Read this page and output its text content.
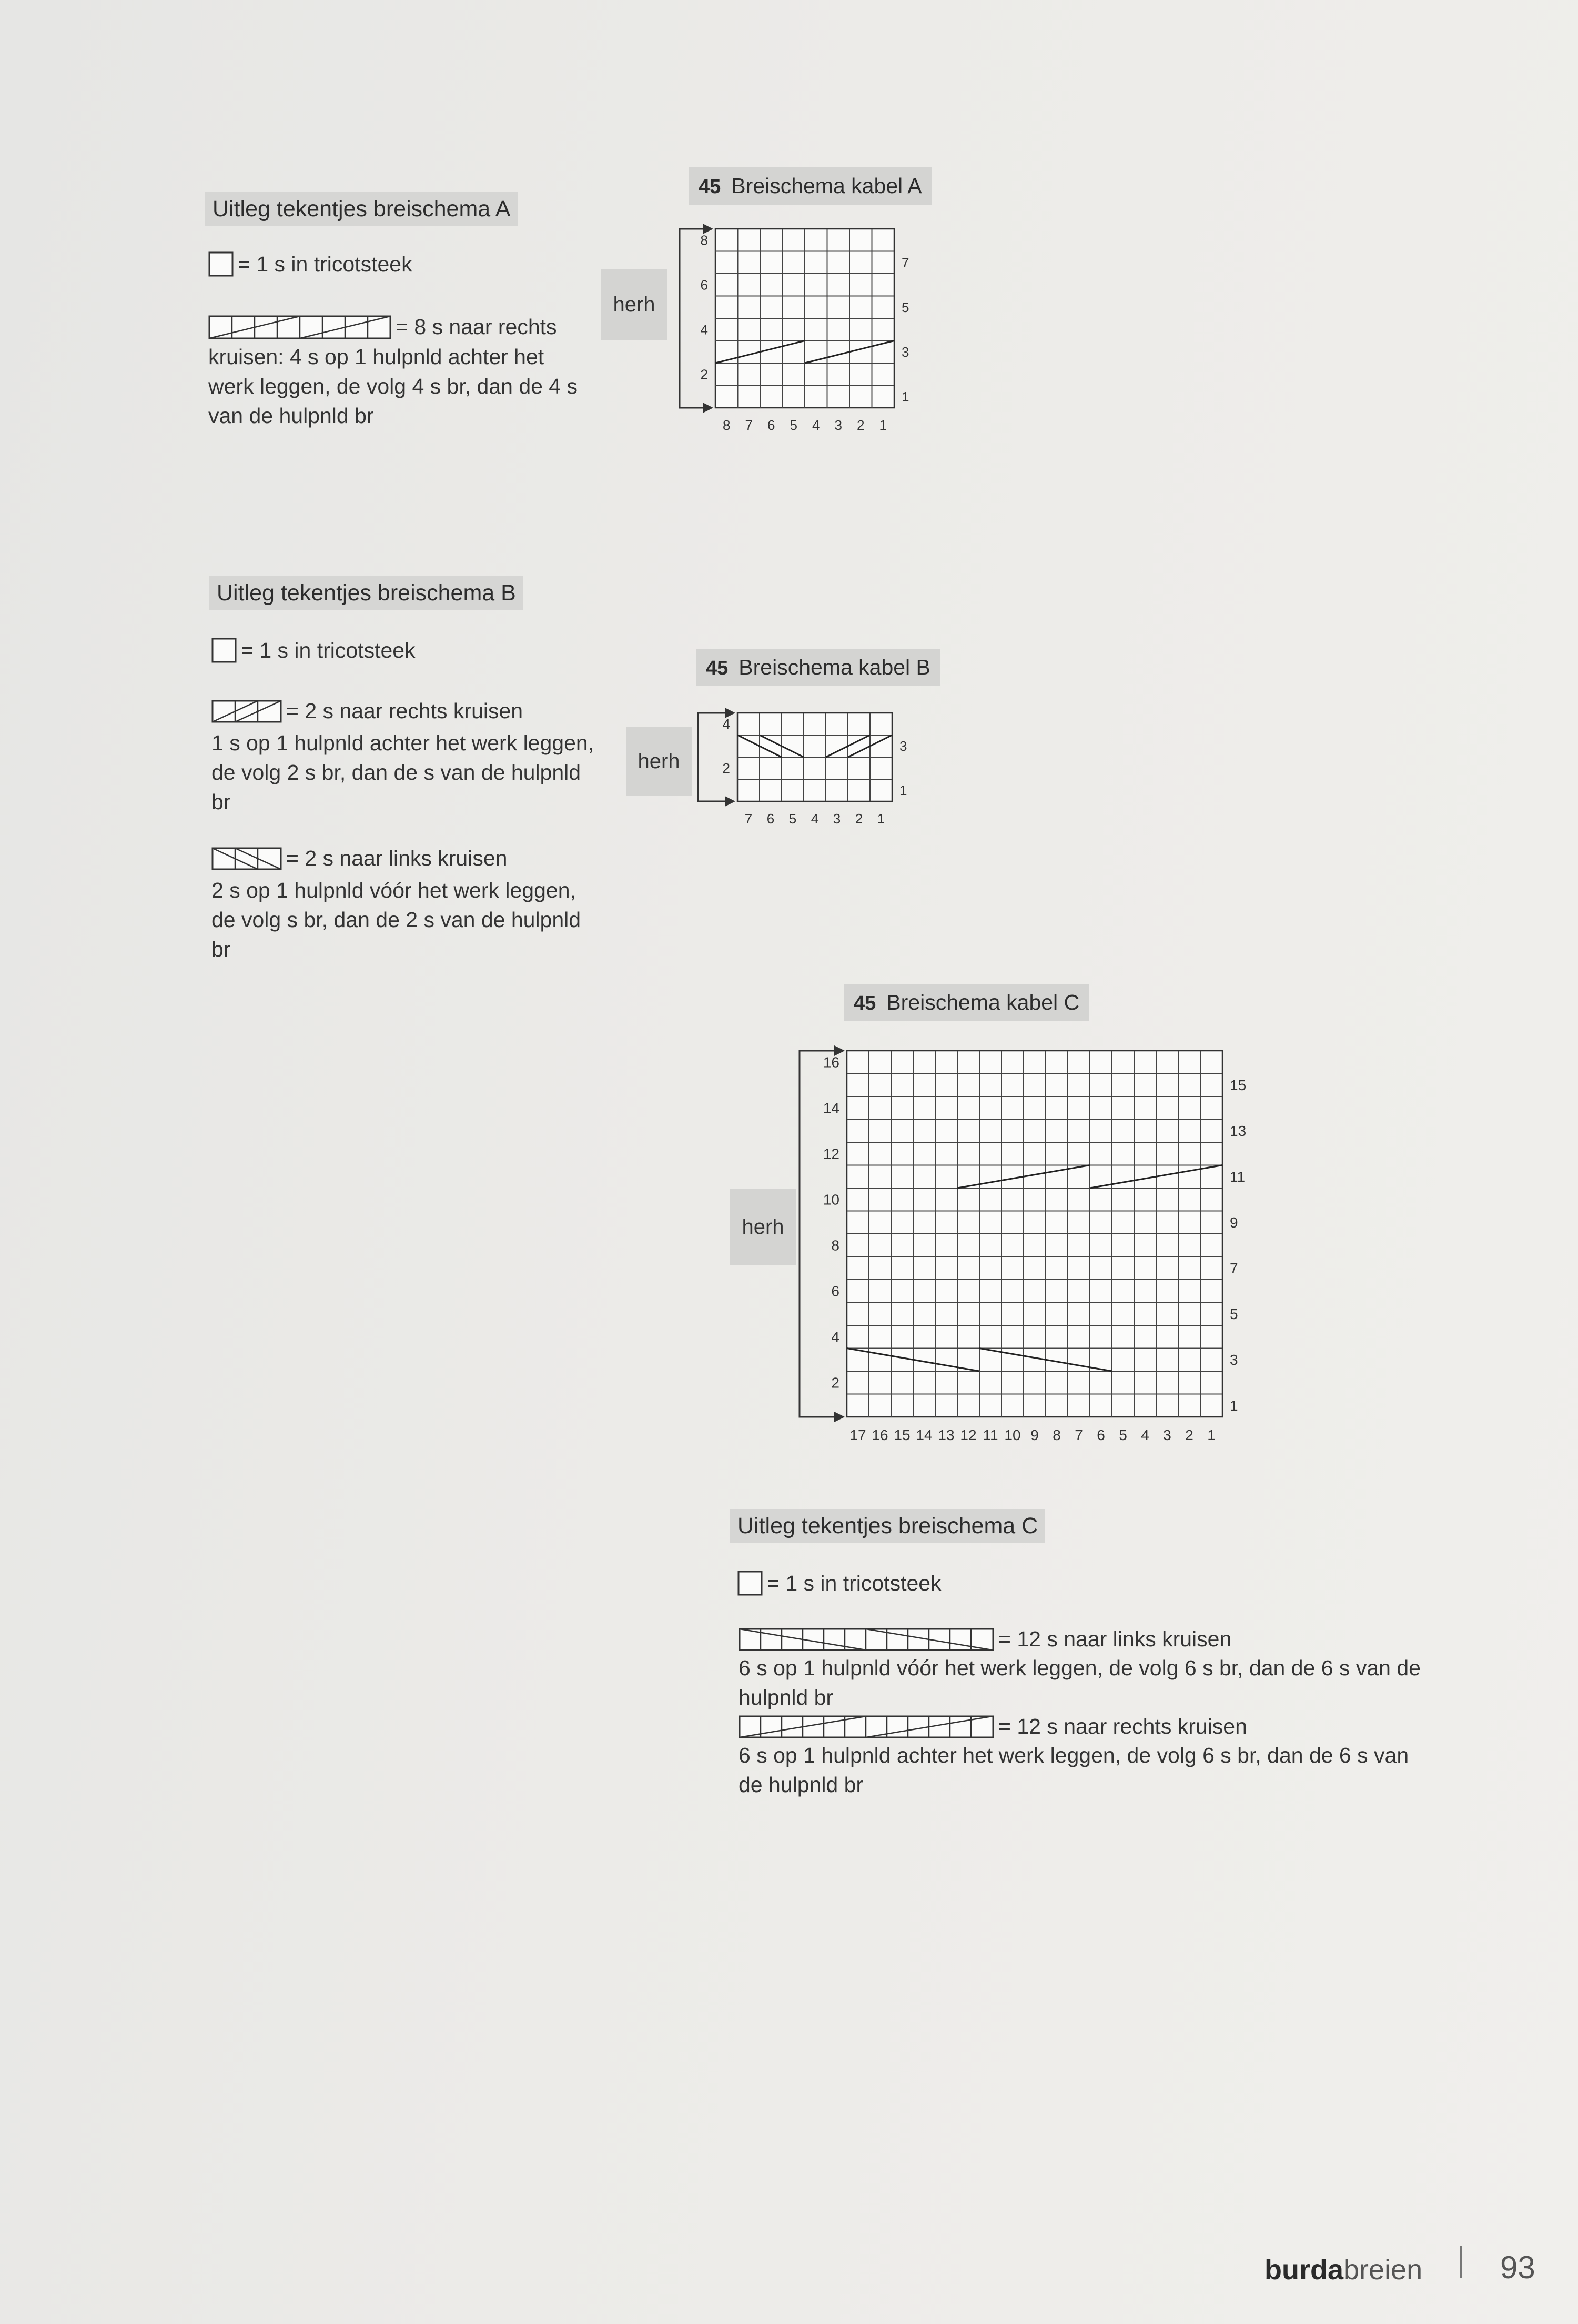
Uitleg tekentjes breischema A
= 1 s in tricotsteek
= 8 s naar rechts
kruisen: 4 s op 1 hulpnld achter het
werk leggen, de volg 4 s br, dan de 4 s
van de hulpnld br
45 Breischema kabel A
herh
7
5
3
1
8
6
4
2
8 7 6 5 4 3 2 1
Uitleg tekentjes breischema B
= 1 s in tricotsteek
= 2 s naar rechts kruisen
1 s op 1 hulpnld achter het werk leggen,
de volg 2 s br, dan de s van de hulpnld
br
= 2 s naar links kruisen
2 s op 1 hulpnld vóór het werk leggen,
de volg s br, dan de 2 s van de hulpnld
br
45 Breischema kabel B
herh
3
1
4
2
7 6 5 4 3 2 1
45 Breischema kabel C
herh
15
13
11
9
7
5
3
1
16
14
12
10
8
6
4
2
17 16 15 14 13 12 11 10 9 8 7 6 5 4 3 2 1
Uitleg tekentjes breischema C
= 1 s in tricotsteek
= 12 s naar links kruisen
6 s op 1 hulpnld vóór het werk leggen, de volg 6 s br, dan de 6 s van de
hulpnld br
= 12 s naar rechts kruisen
6 s op 1 hulpnld achter het werk leggen, de volg 6 s br, dan de 6 s van
de hulpnld br
burdabreien 93
